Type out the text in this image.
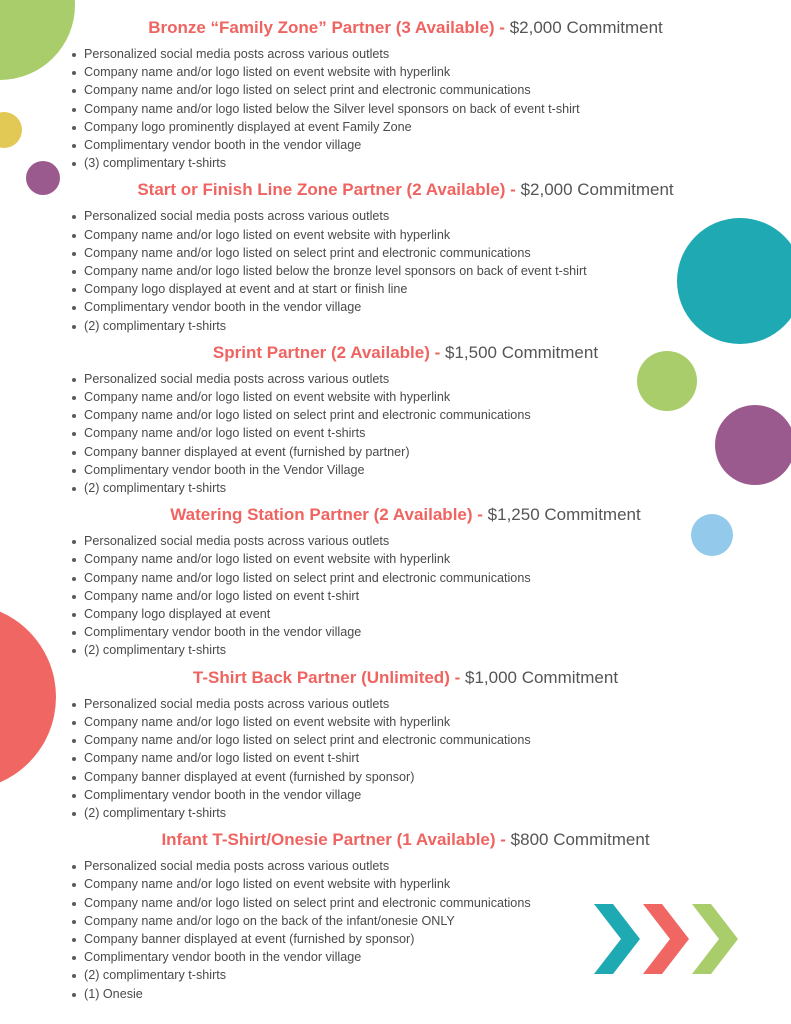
Bronze “Family Zone” Partner (3 Available) - $2,000 Commitment
Personalized social media posts across various outlets
Company name and/or logo listed on event website with hyperlink
Company name and/or logo listed on select print and electronic communications
Company name and/or logo listed below the Silver level sponsors on back of event t-shirt
Company logo prominently displayed at event Family Zone
Complimentary vendor booth in the vendor village
(3) complimentary t-shirts
Start or Finish Line Zone Partner (2 Available) - $2,000 Commitment
Personalized social media posts across various outlets
Company name and/or logo listed on event website with hyperlink
Company name and/or logo listed on select print and electronic communications
Company name and/or logo listed below the bronze level sponsors on back of event t-shirt
Company logo displayed at event and at start or finish line
Complimentary vendor booth in the vendor village
(2) complimentary t-shirts
Sprint Partner (2 Available) - $1,500 Commitment
Personalized social media posts across various outlets
Company name and/or logo listed on event website with hyperlink
Company name and/or logo listed on select print and electronic communications
Company name and/or logo listed on event t-shirts
Company banner displayed at event (furnished by partner)
Complimentary vendor booth in the Vendor Village
(2) complimentary t-shirts
Watering Station Partner (2 Available) - $1,250 Commitment
Personalized social media posts across various outlets
Company name and/or logo listed on event website with hyperlink
Company name and/or logo listed on select print and electronic communications
Company name and/or logo listed on event t-shirt
Company logo displayed at event
Complimentary vendor booth in the vendor village
(2) complimentary t-shirts
T-Shirt Back Partner (Unlimited) - $1,000 Commitment
Personalized social media posts across various outlets
Company name and/or logo listed on event website with hyperlink
Company name and/or logo listed on select print and electronic communications
Company name and/or logo listed on event t-shirt
Company banner displayed at event (furnished by sponsor)
Complimentary vendor booth in the vendor village
(2) complimentary t-shirts
Infant T-Shirt/Onesie Partner (1 Available) - $800 Commitment
Personalized social media posts across various outlets
Company name and/or logo listed on event website with hyperlink
Company name and/or logo listed on select print and electronic communications
Company name and/or logo on the back of the infant/onesie ONLY
Company banner displayed at event (furnished by sponsor)
Complimentary vendor booth in the vendor village
(2) complimentary t-shirts
(1) Onesie
